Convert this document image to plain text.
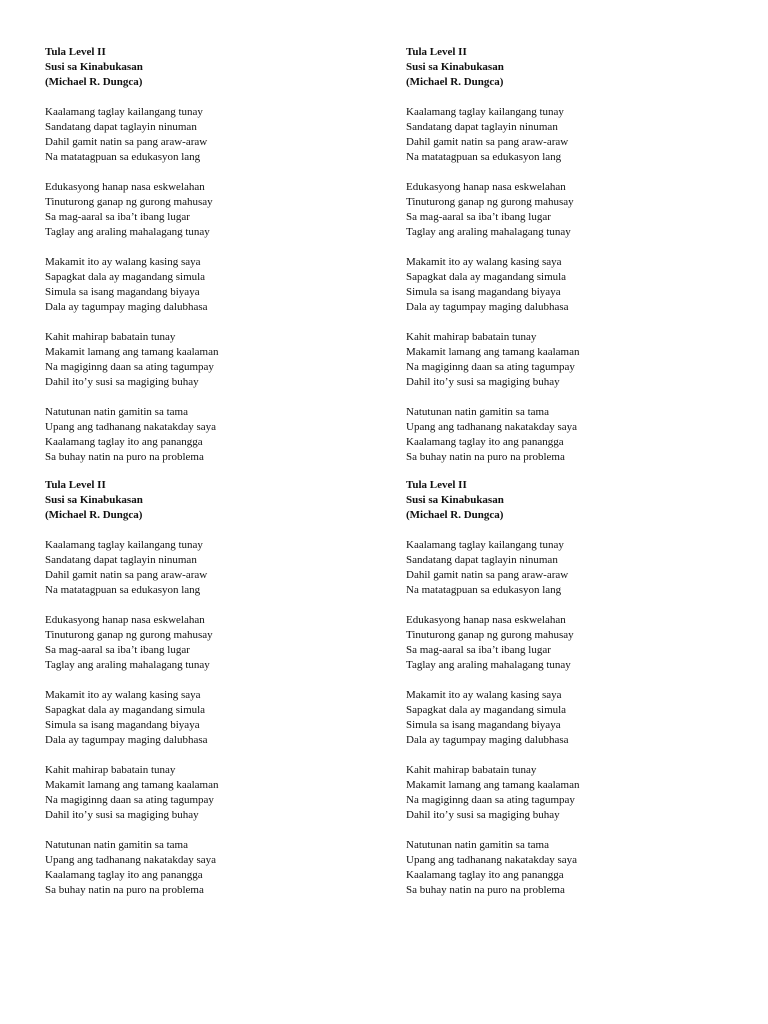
Tula Level II
Susi sa Kinabukasan
(Michael R. Dungca)
Kaalamang taglay kailangang tunay
Sandatang dapat taglayin ninuman
Dahil gamit natin sa pang araw-araw
Na matatagpuan sa edukasyon lang
Edukasyong hanap nasa eskwelahan
Tinuturong ganap ng gurong mahusay
Sa mag-aaral sa iba’t ibang lugar
Taglay ang araling mahalagang tunay
Makamit ito ay walang kasing saya
Sapagkat dala ay magandang simula
Simula sa isang magandang biyaya
Dala ay tagumpay maging dalubhasa
Kahit mahirap babatain tunay
Makamit lamang ang tamang kaalaman
Na magiginng daan sa ating tagumpay
Dahil ito’y susi sa magiging buhay
Natutunan natin gamitin sa tama
Upang ang tadhanang nakatakday saya
Kaalamang taglay ito ang panangga
Sa buhay natin na puro na problema
Tula Level II
Susi sa Kinabukasan
(Michael R. Dungca)
Kaalamang taglay kailangang tunay
Sandatang dapat taglayin ninuman
Dahil gamit natin sa pang araw-araw
Na matatagpuan sa edukasyon lang
Edukasyong hanap nasa eskwelahan
Tinuturong ganap ng gurong mahusay
Sa mag-aaral sa iba’t ibang lugar
Taglay ang araling mahalagang tunay
Makamit ito ay walang kasing saya
Sapagkat dala ay magandang simula
Simula sa isang magandang biyaya
Dala ay tagumpay maging dalubhasa
Kahit mahirap babatain tunay
Makamit lamang ang tamang kaalaman
Na magiginng daan sa ating tagumpay
Dahil ito’y susi sa magiging buhay
Natutunan natin gamitin sa tama
Upang ang tadhanang nakatakday saya
Kaalamang taglay ito ang panangga
Sa buhay natin na puro na problema
Tula Level II
Susi sa Kinabukasan
(Michael R. Dungca)
Kaalamang taglay kailangang tunay
Sandatang dapat taglayin ninuman
Dahil gamit natin sa pang araw-araw
Na matatagpuan sa edukasyon lang
Edukasyong hanap nasa eskwelahan
Tinuturong ganap ng gurong mahusay
Sa mag-aaral sa iba’t ibang lugar
Taglay ang araling mahalagang tunay
Makamit ito ay walang kasing saya
Sapagkat dala ay magandang simula
Simula sa isang magandang biyaya
Dala ay tagumpay maging dalubhasa
Kahit mahirap babatain tunay
Makamit lamang ang tamang kaalaman
Na magiginng daan sa ating tagumpay
Dahil ito’y susi sa magiging buhay
Natutunan natin gamitin sa tama
Upang ang tadhanang nakatakday saya
Kaalamang taglay ito ang panangga
Sa buhay natin na puro na problema
Tula Level II
Susi sa Kinabukasan
(Michael R. Dungca)
Kaalamang taglay kailangang tunay
Sandatang dapat taglayin ninuman
Dahil gamit natin sa pang araw-araw
Na matatagpuan sa edukasyon lang
Edukasyong hanap nasa eskwelahan
Tinuturong ganap ng gurong mahusay
Sa mag-aaral sa iba’t ibang lugar
Taglay ang araling mahalagang tunay
Makamit ito ay walang kasing saya
Sapagkat dala ay magandang simula
Simula sa isang magandang biyaya
Dala ay tagumpay maging dalubhasa
Kahit mahirap babatain tunay
Makamit lamang ang tamang kaalaman
Na magiginng daan sa ating tagumpay
Dahil ito’y susi sa magiging buhay
Natutunan natin gamitin sa tama
Upang ang tadhanang nakatakday saya
Kaalamang taglay ito ang panangga
Sa buhay natin na puro na problema
